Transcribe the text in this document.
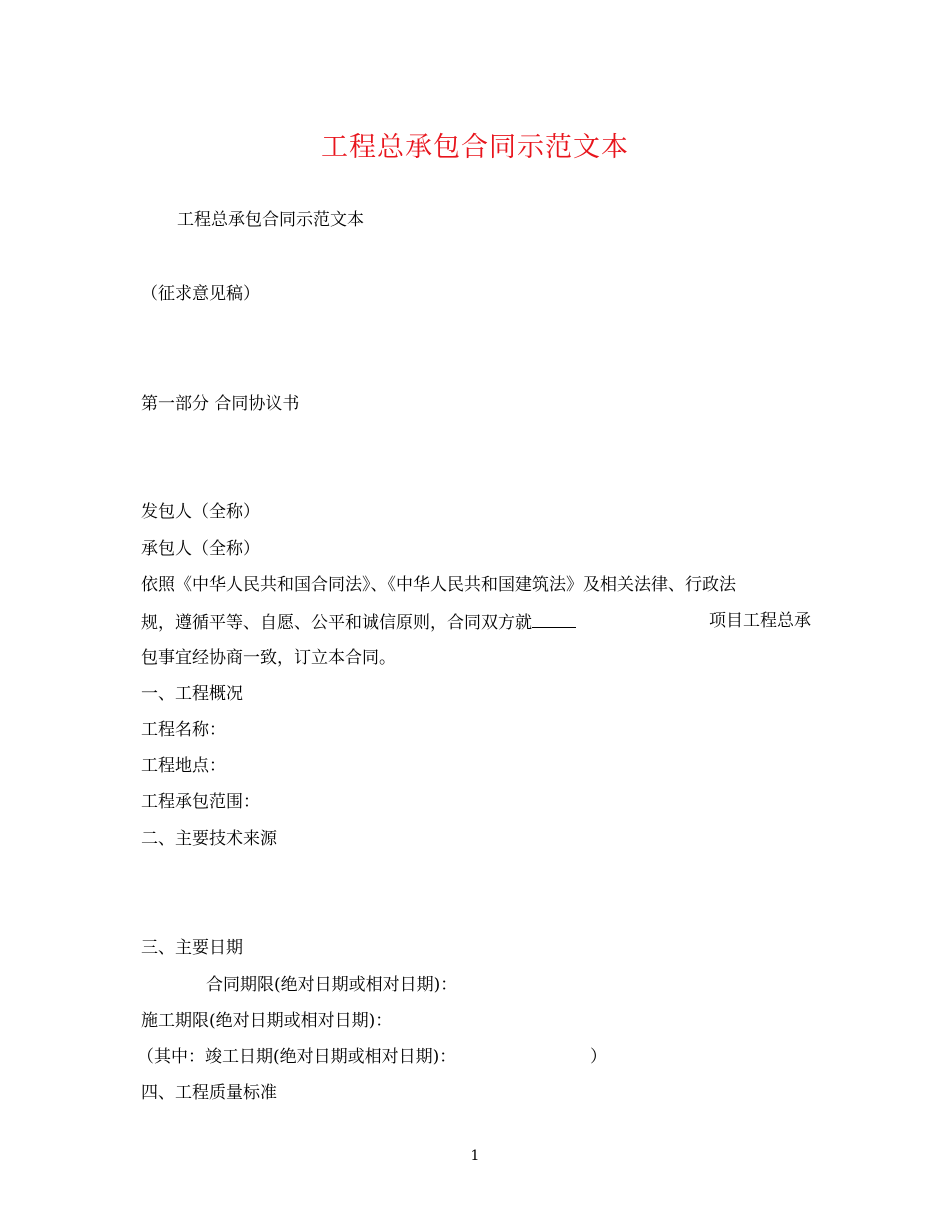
工程总承包合同示范文本
工程总承包合同示范文本
（征求意见稿）
第一部分 合同协议书
发包人（全称）
承包人（全称）
依照《中华人民共和国合同法》、《中华人民共和国建筑法》及相关法律、行政法
规，遵循平等、自愿、公平和诚信原则，合同双方就	项目工程总承
包事宜经协商一致，订立本合同。
一、工程概况
工程名称：
工程地点：
工程承包范围：
二、主要技术来源
三、主要日期
合同期限(绝对日期或相对日期)：
施工期限(绝对日期或相对日期)：
（其中：竣工日期(绝对日期或相对日期)：	）
四、工程质量标准
1
